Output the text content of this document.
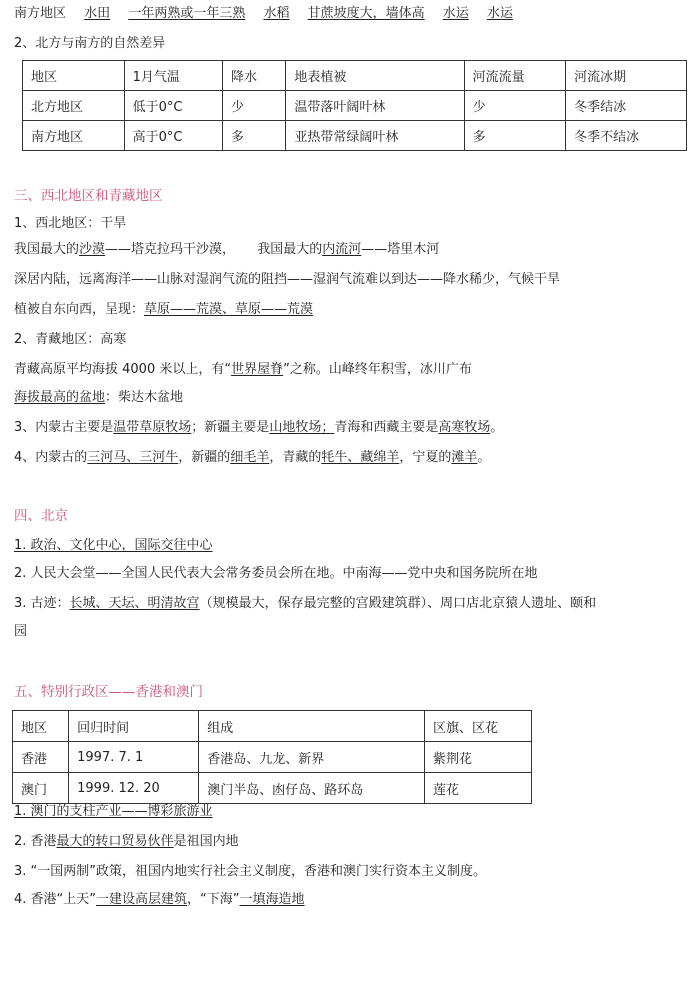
南方地区 水田 一年两熟或一年三熟 水稻 甘蔗坡度大，墙体高 水运 水运
2、北方与南方的自然差异
地区	1月气温	降水	地表植被	河流流量	河流冰期
北方地区	低于0°C	少	温带落叶阔叶林	少	冬季结冰
南方地区	高于0°C	多	亚热带常绿阔叶林	多	冬季不结冰
三、西北地区和青藏地区
1、西北地区：干旱
我国最大的沙漠——塔克拉玛干沙漠， 我国最大的内流河——塔里木河
深居内陆，远离海洋——山脉对湿润气流的阻挡——湿润气流难以到达——降水稀少，气候干旱
植被自东向西，呈现：草原——荒漠、草原——荒漠
2、青藏地区：高寒
青藏高原平均海拔 4000 米以上，有“世界屋脊”之称。山峰终年积雪，冰川广布
海拔最高的盆地：柴达木盆地
3、内蒙古主要是温带草原牧场；新疆主要是山地牧场；青海和西藏主要是高寒牧场。
4、内蒙古的三河马、三河牛，新疆的细毛羊，青藏的牦牛、藏绵羊，宁夏的滩羊。
四、北京
1. 政治、文化中心，国际交往中心
2. 人民大会堂——全国人民代表大会常务委员会所在地。中南海——党中央和国务院所在地
3. 古迹：长城、天坛、明清故宫（规模最大，保存最完整的宫殿建筑群）、周口店北京猿人遗址、颐和
园
五、特别行政区——香港和澳门
地区	回归时间	组成	区旗、区花
香港	1997. 7. 1	香港岛、九龙、新界	紫荆花
澳门	1999. 12. 20	澳门半岛、凼仔岛、路环岛	莲花
1. 澳门的支柱产业——博彩旅游业
2. 香港最大的转口贸易伙伴是祖国内地
3. “一国两制”政策，祖国内地实行社会主义制度，香港和澳门实行资本主义制度。
4. 香港“上天”一建设高层建筑，“下海”一填海造地
